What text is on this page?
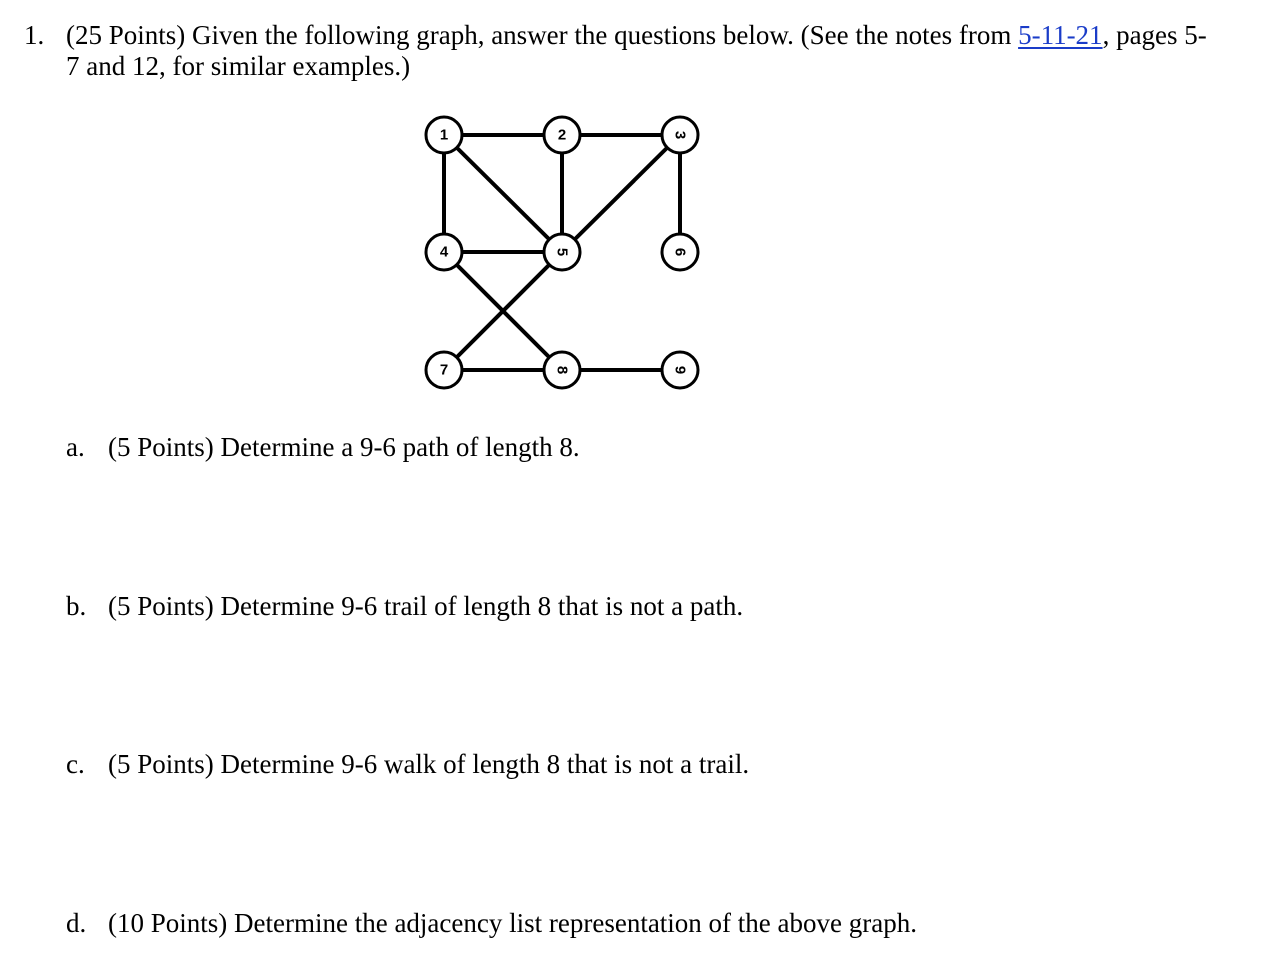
1. (25 Points) Given the following graph, answer the questions below. (See the notes from 5-11-21, pages 5-
7 and 12, for similar examples.)
1	2	3
4	5	6
7	8	9
a. (5 Points) Determine a 9-6 path of length 8.
b. (5 Points) Determine 9-6 trail of length 8 that is not a path.
c. (5 Points) Determine 9-6 walk of length 8 that is not a trail.
d. (10 Points) Determine the adjacency list representation of the above graph.
